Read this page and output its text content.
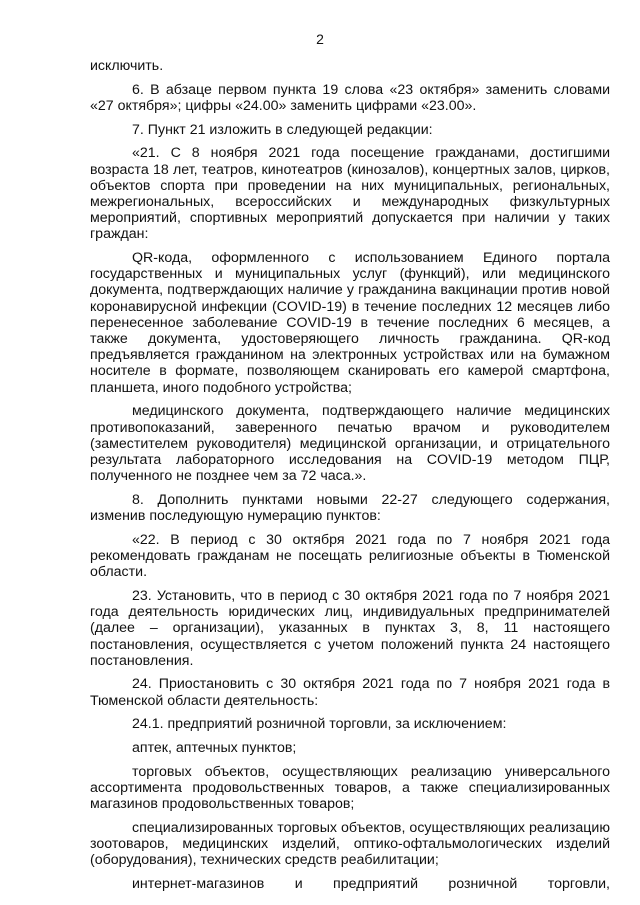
2

исключить.

6. В абзаце первом пункта 19 слова «23 октября» заменить словами «27 октября»; цифры «24.00» заменить цифрами «23.00».

7. Пункт 21 изложить в следующей редакции:

«21. С 8 ноября 2021 года посещение гражданами, достигшими возраста 18 лет, театров, кинотеатров (кинозалов), концертных залов, цирков, объектов спорта при проведении на них муниципальных, региональных, межрегиональных, всероссийских и международных физкультурных мероприятий, спортивных мероприятий допускается при наличии у таких граждан:

QR-кода, оформленного с использованием Единого портала государственных и муниципальных услуг (функций), или медицинского документа, подтверждающих наличие у гражданина вакцинации против новой коронавирусной инфекции (COVID-19) в течение последних 12 месяцев либо перенесенное заболевание COVID-19 в течение последних 6 месяцев, а также документа, удостоверяющего личность гражданина. QR-код предъявляется гражданином на электронных устройствах или на бумажном носителе в формате, позволяющем сканировать его камерой смартфона, планшета, иного подобного устройства;

медицинского документа, подтверждающего наличие медицинских противопоказаний, заверенного печатью врачом и руководителем (заместителем руководителя) медицинской организации, и отрицательного результата лабораторного исследования на COVID-19 методом ПЦР, полученного не позднее чем за 72 часа.».

8. Дополнить пунктами новыми 22-27 следующего содержания, изменив последующую нумерацию пунктов:

«22. В период с 30 октября 2021 года по 7 ноября 2021 года рекомендовать гражданам не посещать религиозные объекты в Тюменской области.

23. Установить, что в период с 30 октября 2021 года по 7 ноября 2021 года деятельность юридических лиц, индивидуальных предпринимателей (далее – организации), указанных в пунктах 3, 8, 11 настоящего постановления, осуществляется с учетом положений пункта 24 настоящего постановления.

24. Приостановить с 30 октября 2021 года по 7 ноября 2021 года в Тюменской области деятельность:

24.1. предприятий розничной торговли, за исключением:

аптек, аптечных пунктов;

торговых объектов, осуществляющих реализацию универсального ассортимента продовольственных товаров, а также специализированных магазинов продовольственных товаров;

специализированных торговых объектов, осуществляющих реализацию зоотоваров, медицинских изделий, оптико-офтальмологических изделий (оборудования), технических средств реабилитации;

интернет-магазинов и предприятий розничной торговли,
